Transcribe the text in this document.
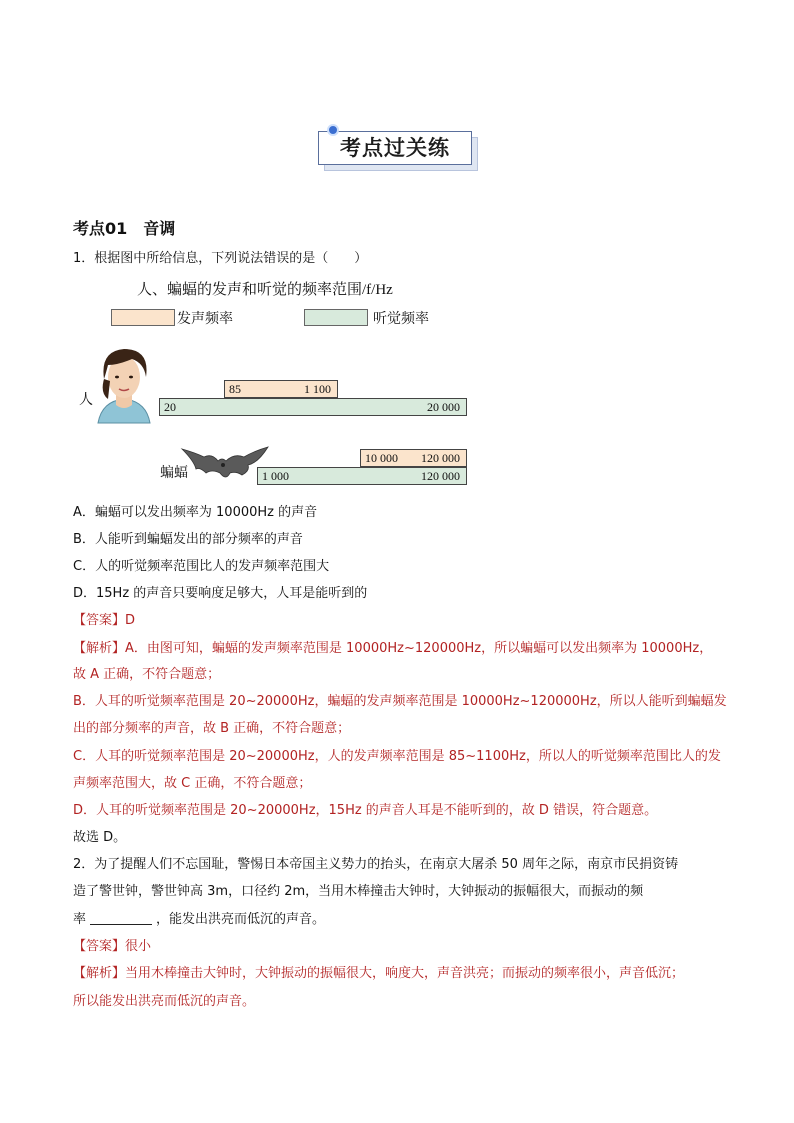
考点过关练
考点01　音调
1．根据图中所给信息，下列说法错误的是（　　）
人、蝙蝠的发声和听觉的频率范围/f/Hz
发声频率	听觉频率
人
85	1 100
20	20 000
蝙蝠
10 000 120 000
1 000	120 000
A．蝙蝠可以发出频率为 10000Hz 的声音
B．人能听到蝙蝠发出的部分频率的声音
C．人的听觉频率范围比人的发声频率范围大
D．15Hz 的声音只要响度足够大，人耳是能听到的
【答案】D
【解析】A．由图可知，蝙蝠的发声频率范围是 10000Hz~120000Hz，所以蝙蝠可以发出频率为 10000Hz，
故 A 正确，不符合题意；
B．人耳的听觉频率范围是 20~20000Hz，蝙蝠的发声频率范围是 10000Hz~120000Hz，所以人能听到蝙蝠发
出的部分频率的声音，故 B 正确，不符合题意；
C．人耳的听觉频率范围是 20~20000Hz，人的发声频率范围是 85~1100Hz，所以人的听觉频率范围比人的发
声频率范围大，故 C 正确，不符合题意；
D．人耳的听觉频率范围是 20~20000Hz，15Hz 的声音人耳是不能听到的，故 D 错误，符合题意。
故选 D。
2．为了提醒人们不忘国耻，警惕日本帝国主义势力的抬头，在南京大屠杀 50 周年之际，南京市民捐资铸
造了警世钟，警世钟高 3m，口径约 2m，当用木棒撞击大钟时，大钟振动的振幅很大，而振动的频
率	，能发出洪亮而低沉的声音。
【答案】很小
【解析】当用木棒撞击大钟时，大钟振动的振幅很大，响度大，声音洪亮；而振动的频率很小，声音低沉；
所以能发出洪亮而低沉的声音。
